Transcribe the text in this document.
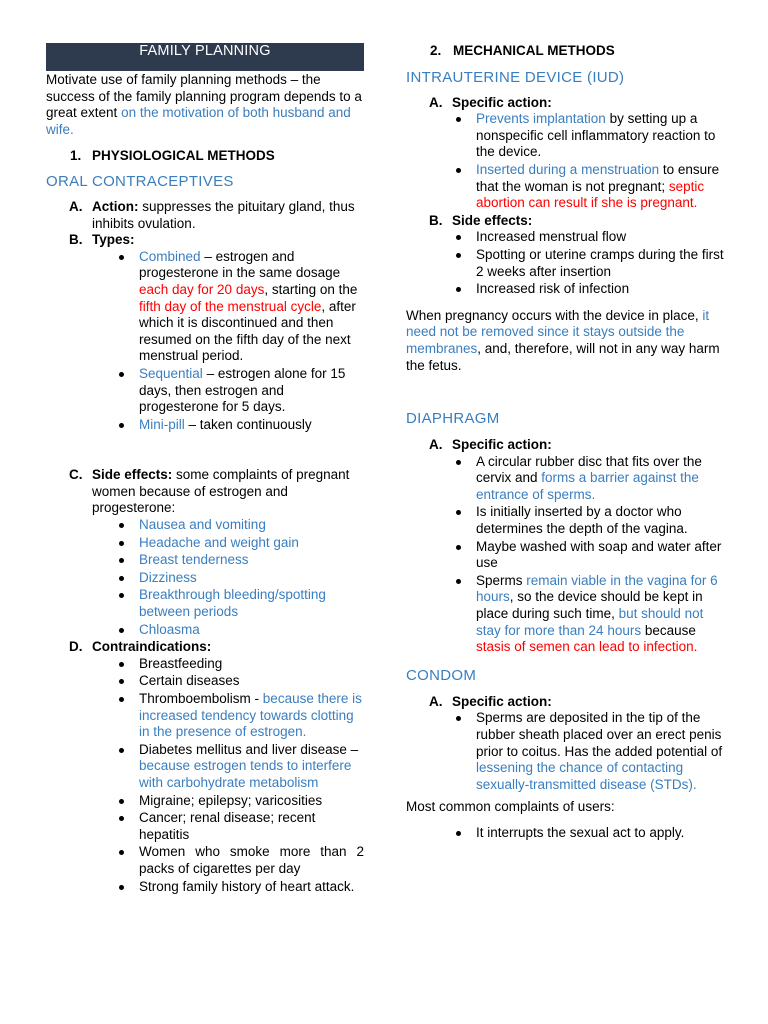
FAMILY PLANNING

Motivate use of family planning methods – the success of the family planning program depends to a great extent on the motivation of both husband and wife.

1. PHYSIOLOGICAL METHODS
ORAL CONTRACEPTIVES
A. Action: suppresses the pituitary gland, thus inhibits ovulation.
B. Types:
Combined – estrogen and progesterone in the same dosage each day for 20 days, starting on the fifth day of the menstrual cycle, after which it is discontinued and then resumed on the fifth day of the next menstrual period.
Sequential – estrogen alone for 15 days, then estrogen and progesterone for 5 days.
Mini-pill – taken continuously
C. Side effects: some complaints of pregnant women because of estrogen and progesterone:
Nausea and vomiting
Headache and weight gain
Breast tenderness
Dizziness
Breakthrough bleeding/spotting between periods
Chloasma
D. Contraindications:
Breastfeeding
Certain diseases
Thromboembolism - because there is increased tendency towards clotting in the presence of estrogen.
Diabetes mellitus and liver disease – because estrogen tends to interfere with carbohydrate metabolism
Migraine; epilepsy; varicosities
Cancer; renal disease; recent hepatitis
Women who smoke more than 2 packs of cigarettes per day
Strong family history of heart attack.
2. MECHANICAL METHODS
INTRAUTERINE DEVICE (IUD)
A. Specific action:
Prevents implantation by setting up a nonspecific cell inflammatory reaction to the device.
Inserted during a menstruation to ensure that the woman is not pregnant; septic abortion can result if she is pregnant.
B. Side effects:
Increased menstrual flow
Spotting or uterine cramps during the first 2 weeks after insertion
Increased risk of infection

When pregnancy occurs with the device in place, it need not be removed since it stays outside the membranes, and, therefore, will not in any way harm the fetus.

DIAPHRAGM
A. Specific action:
A circular rubber disc that fits over the cervix and forms a barrier against the entrance of sperms.
Is initially inserted by a doctor who determines the depth of the vagina.
Maybe washed with soap and water after use
Sperms remain viable in the vagina for 6 hours, so the device should be kept in place during such time, but should not stay for more than 24 hours because stasis of semen can lead to infection.
CONDOM
A. Specific action:
Sperms are deposited in the tip of the rubber sheath placed over an erect penis prior to coitus. Has the added potential of lessening the chance of contacting sexually-transmitted disease (STDs).

Most common complaints of users:

It interrupts the sexual act to apply.
